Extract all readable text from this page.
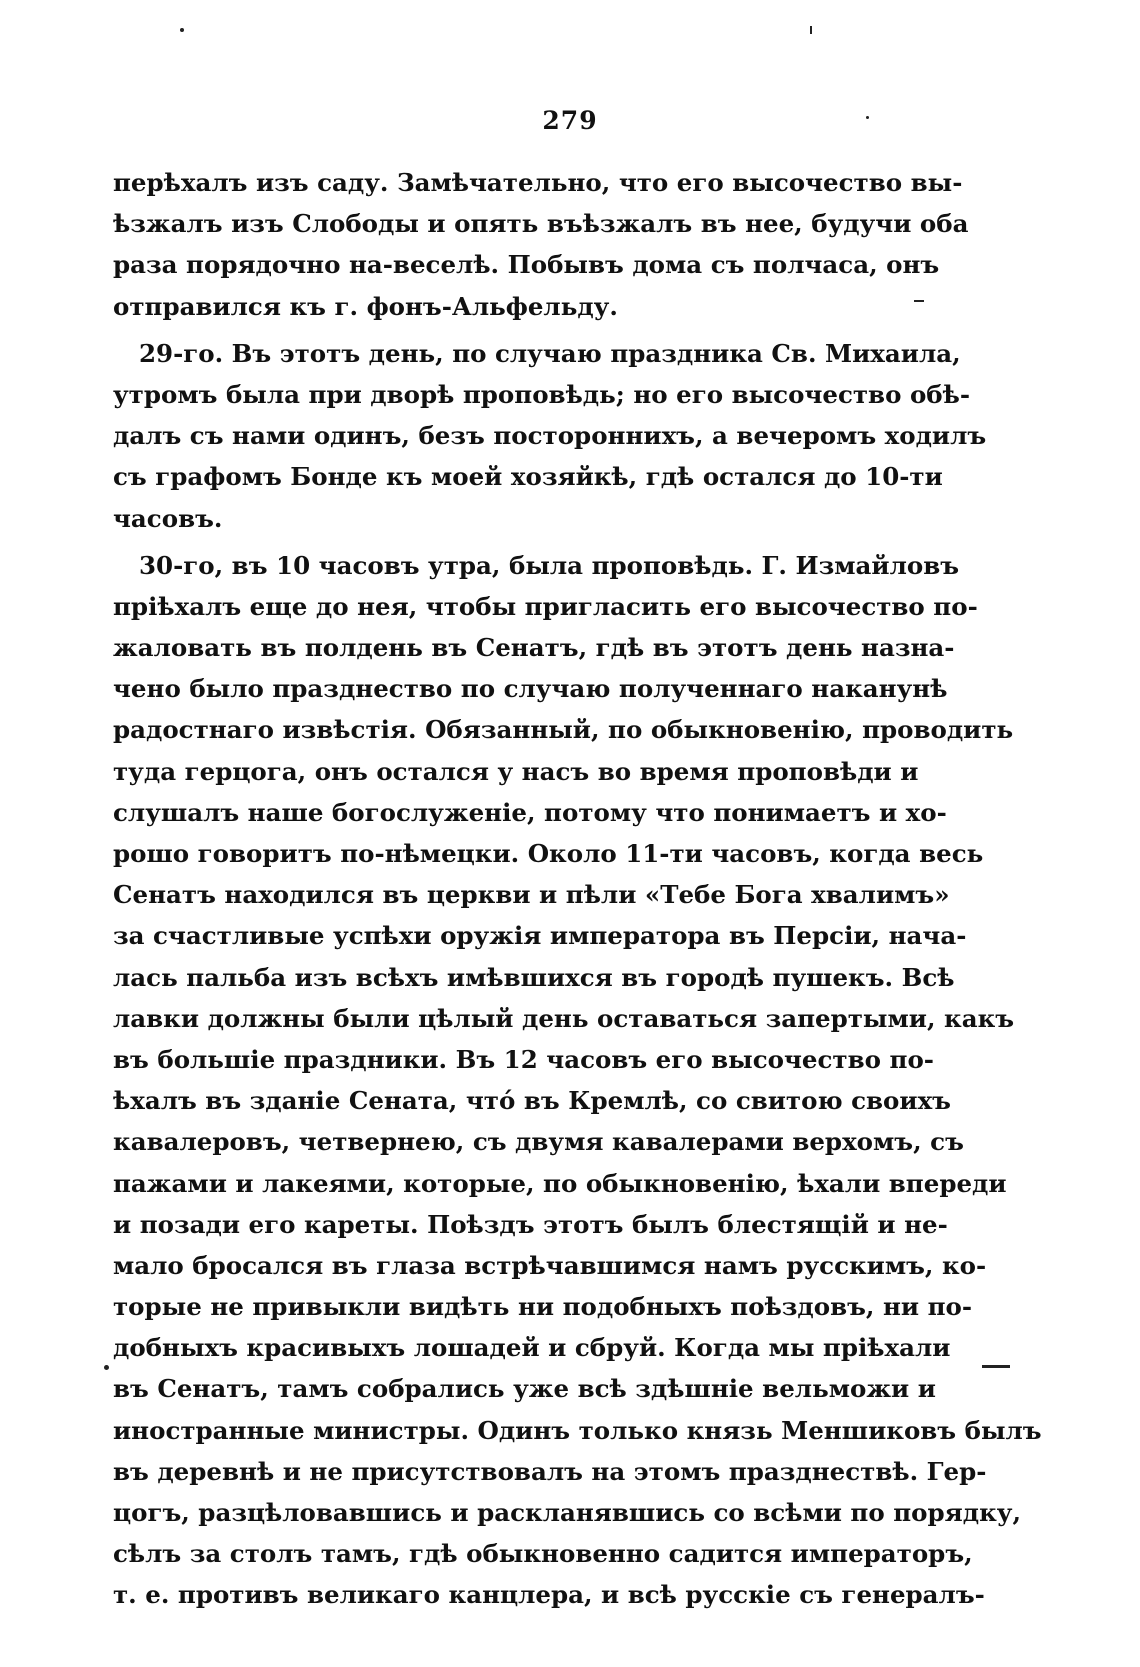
279
перѣхалъ изъ саду. Замѣчательно, что его высочество вы-
ѣзжалъ изъ Слободы и опять въѣзжалъ въ нее, будучи оба
раза порядочно на-веселѣ. Побывъ дома съ полчаса, онъ
отправился къ г. фонъ-Альфельду.
29-го. Въ этотъ день, по случаю праздника Св. Михаила,
утромъ была при дворѣ проповѣдь; но его высочество обѣ-
далъ съ нами одинъ, безъ постороннихъ, а вечеромъ ходилъ
съ графомъ Бонде къ моей хозяйкѣ, гдѣ остался до 10-ти
часовъ.
30-го, въ 10 часовъ утра, была проповѣдь. Г. Измайловъ
пріѣхалъ еще до нея, чтобы пригласить его высочество по-
жаловать въ полдень въ Сенатъ, гдѣ въ этотъ день назна-
чено было празднество по случаю полученнаго наканунѣ
радостнаго извѣстія. Обязанный, по обыкновенію, проводить
туда герцога, онъ остался у насъ во время проповѣди и
слушалъ наше богослуженіе, потому что понимаетъ и хо-
рошо говоритъ по-нѣмецки. Около 11-ти часовъ, когда весь
Сенатъ находился въ церкви и пѣли «Тебе Бога хвалимъ»
за счастливые успѣхи оружія императора въ Персіи, нача-
лась пальба изъ всѣхъ имѣвшихся въ городѣ пушекъ. Всѣ
лавки должны были цѣлый день оставаться запертыми, какъ
въ большіе праздники. Въ 12 часовъ его высочество по-
ѣхалъ въ зданіе Сената, что́ въ Кремлѣ, со свитою своихъ
кавалеровъ, четвернею, съ двумя кавалерами верхомъ, съ
пажами и лакеями, которые, по обыкновенію, ѣхали впереди
и позади его кареты. Поѣздъ этотъ былъ блестящій и не-
мало бросался въ глаза встрѣчавшимся намъ русскимъ, ко-
торые не привыкли видѣть ни подобныхъ поѣздовъ, ни по-
добныхъ красивыхъ лошадей и сбруй. Когда мы пріѣхали
въ Сенатъ, тамъ собрались уже всѣ здѣшніе вельможи и
иностранные министры. Одинъ только князь Меншиковъ былъ
въ деревнѣ и не присутствовалъ на этомъ празднествѣ. Гер-
цогъ, разцѣловавшись и раскланявшись со всѣми по порядку,
сѣлъ за столъ тамъ, гдѣ обыкновенно садится императоръ,
т. е. противъ великаго канцлера, и всѣ русскіе съ генералъ-
